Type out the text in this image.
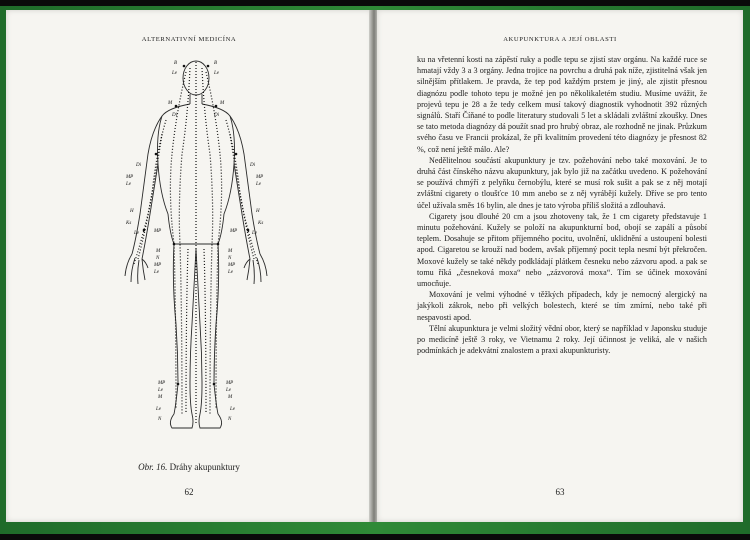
ALTERNATIVNÍ MEDICÍNA
B	B
Le	Le
M	M
Di	Di
Di	Di
MP
Le
MP
Le
H	H
Ks	Ks
Le	MP	Le
MP
M	M
N	N
MP
Le
MP
Le
MP
Le
MP
Le
M	M
Le	Le
N	N
Obr. 16. Dráhy akupunktury
62
AKUPUNKTURA A JEJÍ OBLASTI

ku na vřetenní kosti na zápěstí ruky a podle tepu se zjistí stav orgánu. Na každé ruce se hmatají vždy 3 a 3 orgány. Jedna trojice na povrchu a druhá pak níže, zjistitelná však jen silnějším přítlakem. Je pravda, že tep pod každým prstem je jiný, ale zjistit přesnou diagnózu podle tohoto tepu je možné jen po několikaletém studiu. Musíme uvážit, že projevů tepu je 28 a že tedy celkem musí takový diagnostik vyhodnotit 392 různých signálů. Staří Číňané to podle literatury studovali 5 let a skládali zvláštní zkoušky. Dnes se tato metoda diagnózy dá použít snad pro hrubý obraz, ale rozhodně ne jinak. Průzkum svého času ve Francii prokázal, že při kvalitním provedení této diagnózy je přesnost 82 %, což není ještě málo. Ale?

Nedělitelnou součástí akupunktury je tzv. požehování nebo také moxování. Je to druhá část čínského názvu akupunktury, jak bylo již na začátku uvedeno. K požehování se používá chmýří z pelyňku černobýlu, které se musí rok sušit a pak se z něj motají zvláštní cigarety o tloušťce 10 mm anebo se z něj vyrábějí kužely. Dříve se pro tento účel užívala směs 16 bylin, ale dnes je tato výroba příliš složitá a zdlouhavá.

Cigarety jsou dlouhé 20 cm a jsou zhotoveny tak, že 1 cm cigarety představuje 1 minutu požehování. Kužely se položí na akupunkturní bod, obojí se zapálí a působí teplem. Dosahuje se přitom příjemného pocitu, uvolnění, uklidnění a ustoupení bolesti apod. Cigaretou se krouží nad bodem, avšak příjemný pocit tepla nesmí být překročen. Moxové kužely se také někdy podkládají plátkem česneku nebo zázvoru apod. a pak se tomu říká „česneková moxa“ nebo „zázvorová moxa“. Tím se účinek moxování umocňuje.

Moxování je velmi výhodné v těžkých případech, kdy je nemocný alergický na jakýkoli zákrok, nebo při velkých bolestech, které se tím zmírní, nebo také při nespavosti apod.

Tělní akupunktura je velmi složitý vědní obor, který se například v Japonsku studuje po medicíně ještě 3 roky, ve Vietnamu 2 roky. Její účinnost je veliká, ale v našich podmínkách je adekvátní znalostem a praxi akupunkturisty.

63
